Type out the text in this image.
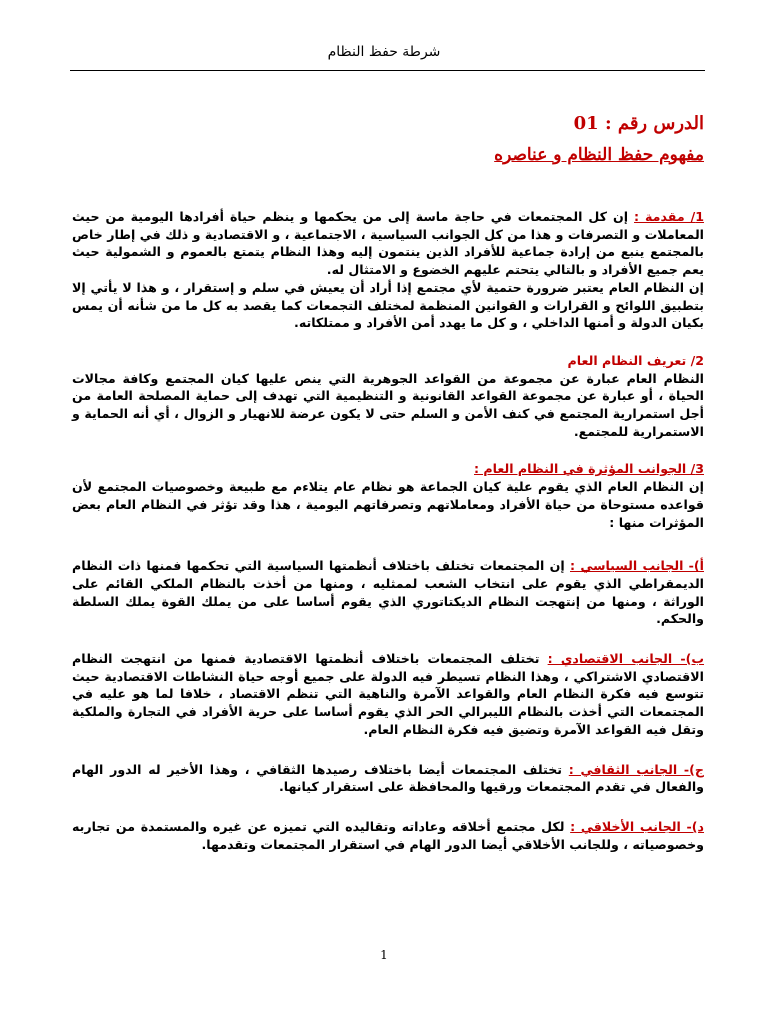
شرطة حفظ النظام
الدرس رقم : 01
مفهوم حفظ النظام و عناصره

1/ مقدمة : إن كل المجتمعات في حاجة ماسة إلى من يحكمها و ينظم حياة أفرادها اليومية من حيث المعاملات و التصرفات و هذا من كل الجوانب السياسية ، الاجتماعية ، و الاقتصادية و ذلك في إطار خاص بالمجتمع ينبع من إرادة جماعية للأفراد الذين ينتمون إليه وهذا النظام يتمتع بالعموم و الشمولية حيث يعم جميع الأفراد و بالتالي يتحتم عليهم الخضوع و الامتثال له.

إن النظام العام يعتبر ضرورة حتمية لأي مجتمع إذا أراد أن يعيش في سلم و إستقرار ، و هذا لا يأتي إلا بتطبيق اللوائح و القرارات و القوانين المنظمة لمختلف التجمعات كما يقصد به كل ما من شأنه أن يمس بكيان الدولة و أمنها الداخلي ، و كل ما يهدد أمن الأفراد و ممتلكاته.

2/ تعريف النظام العام

النظام العام عبارة عن مجموعة من القواعد الجوهرية التي ينص عليها كيان المجتمع وكافة مجالات الحياة ، أو عبارة عن مجموعة القواعد القانونية و التنظيمية التي تهدف إلى حماية المصلحة العامة من أجل استمرارية المجتمع في كنف الأمن و السلم حتى لا يكون عرضة للانهيار و الزوال ، أي أنه الحماية و الاستمرارية للمجتمع.

3/ الجوانب المؤثرة في النظام العام :

إن النظام العام الذي يقوم علية كيان الجماعة هو نظام عام يتلاءم مع طبيعة وخصوصيات المجتمع لأن قواعده مستوحاة من حياة الأفراد ومعاملاتهم وتصرفاتهم اليومية ، هذا وقد تؤثر في النظام العام بعض المؤثرات منها :

أ)- الجانب السياسي : إن المجتمعات تختلف باختلاف أنظمتها السياسية التي تحكمها فمنها ذات النظام الديمقراطي الذي يقوم على انتخاب الشعب لممثليه ، ومنها من أخذت بالنظام الملكي القائم على الوراثة ، ومنها من إنتهجت النظام الديكتاتوري الذي يقوم أساسا على من يملك القوة يملك السلطة والحكم.

ب)- الجانب الاقتصادي : تختلف المجتمعات باختلاف أنظمتها الاقتصادية فمنها من انتهجت النظام الاقتصادي الاشتراكي ، وهذا النظام تسيطر فيه الدولة على جميع أوجه حياة النشاطات الاقتصادية حيث تتوسع فيه فكرة النظام العام والقواعد الآمرة والناهية التي تنظم الاقتصاد ، خلافا لما هو عليه في المجتمعات التي أخذت بالنظام الليبرالي الحر الذي يقوم أساسا على حرية الأفراد في التجارة والملكية وتقل فيه القواعد الآمرة وتضيق فيه فكرة النظام العام.

ج)- الجانب الثقافي : تختلف المجتمعات أيضا باختلاف رصيدها الثقافي ، وهذا الأخير له الدور الهام والفعال في تقدم المجتمعات ورقيها والمحافظة على استقرار كيانها.

د)- الجانب الأخلاقي : لكل مجتمع أخلاقه وعاداته وتقاليده التي تميزه عن غيره والمستمدة من تجاربه وخصوصياته ، وللجانب الأخلاقي أيضا الدور الهام في استقرار المجتمعات وتقدمها.

1
